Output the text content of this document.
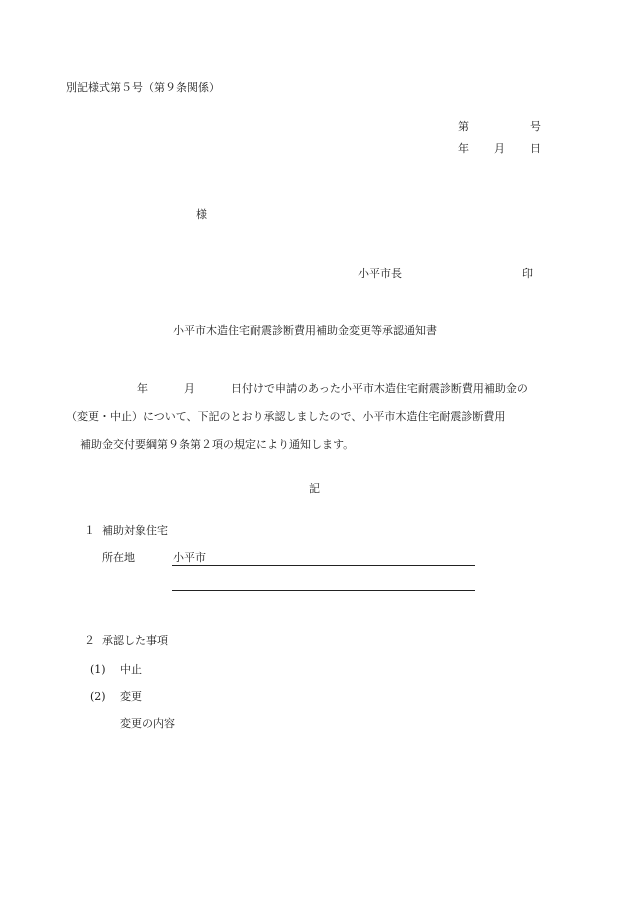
別記様式第５号（第９条関係）
第	号
年 月 日
様
小平市長	印
小平市木造住宅耐震診断費用補助金変更等承認通知書
年	月	日付けで申請のあった小平市木造住宅耐震診断費用補助金の
（変更・中止）について、下記のとおり承認しましたので、小平市木造住宅耐震診断費用
補助金交付要綱第９条第２項の規定により通知します。
記
１ 補助対象住宅
所在地	小平市
２ 承認した事項
(1) 中止
(2) 変更
変更の内容
